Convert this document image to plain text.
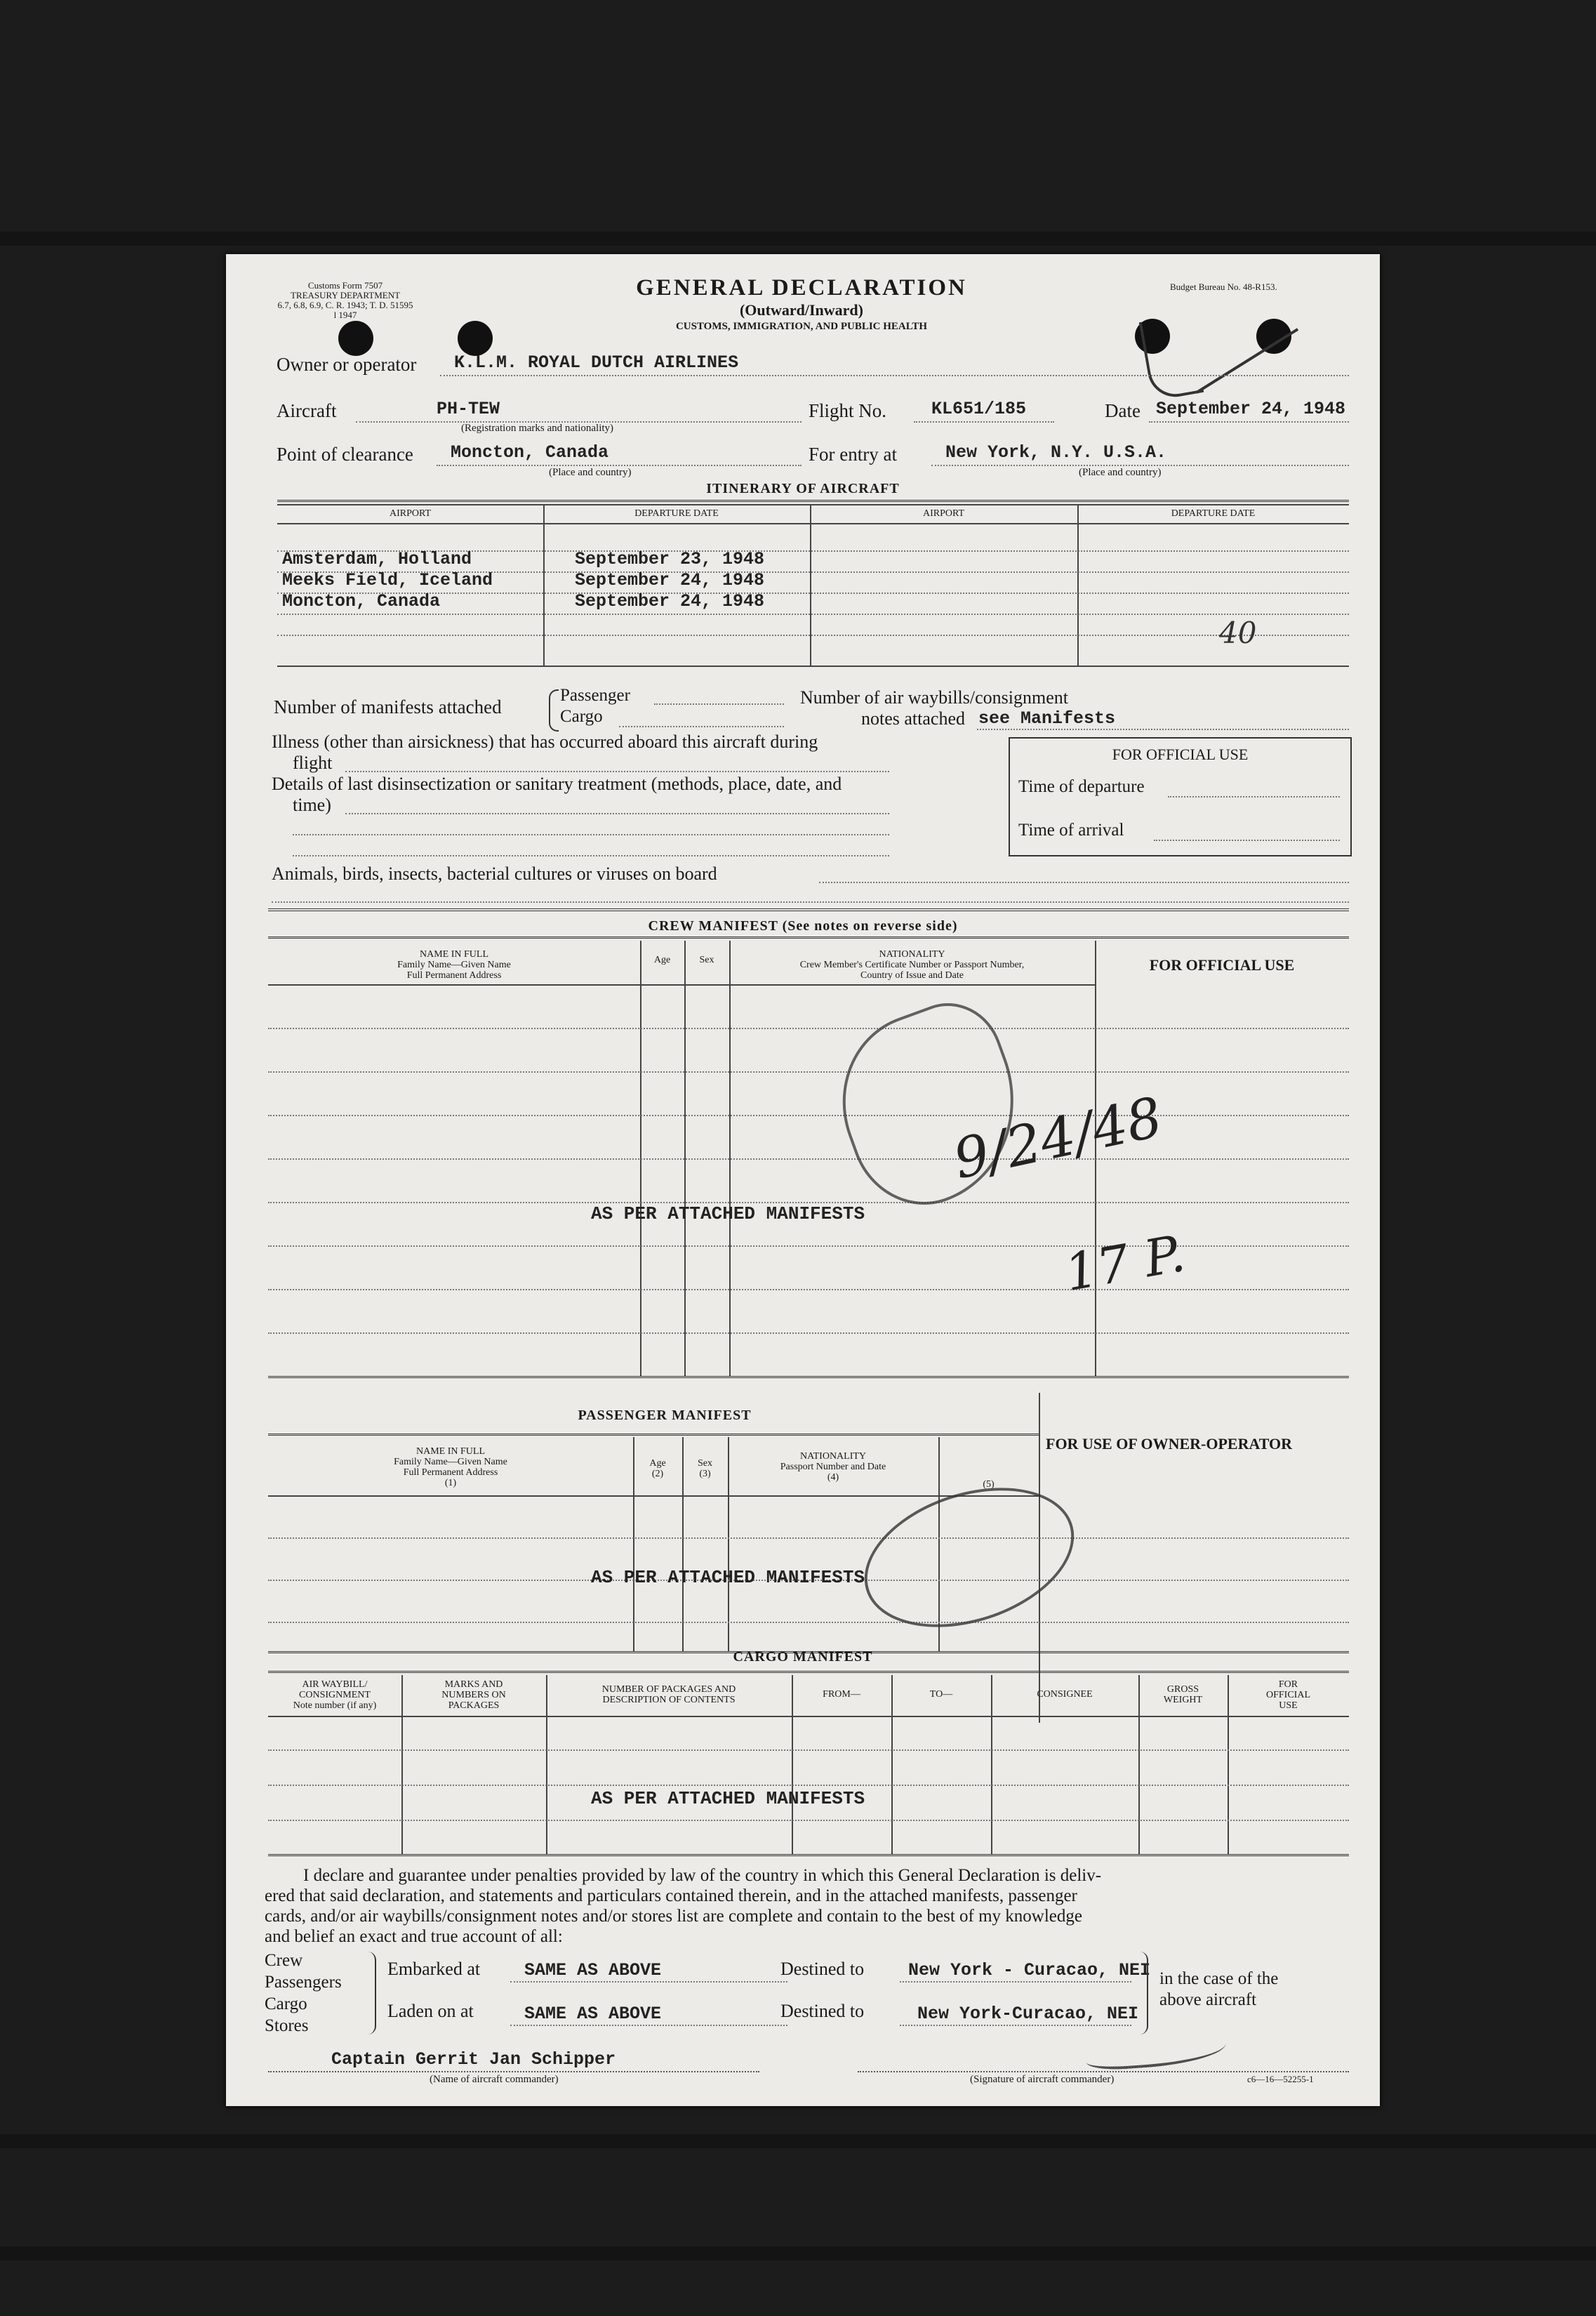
Customs Form 7507
TREASURY DEPARTMENT
6.7, 6.8, 6.9, C. R. 1943; T. D. 51595
l 1947
GENERAL DECLARATION
(Outward/Inward)
CUSTOMS, IMMIGRATION, AND PUBLIC HEALTH
Budget Bureau No. 48-R153.
Owner or operator K.L.M. ROYAL DUTCH AIRLINES
Aircraft	PH-TEW
(Registration marks and nationality)
Flight No.	KL651/185	Date September 24, 1948
Point of clearance Moncton, Canada
(Place and country)
For entry at	New York, N.Y. U.S.A.
(Place and country)
ITINERARY OF AIRCRAFT
AIRPORT	DEPARTURE DATE	AIRPORT	DEPARTURE DATE
Amsterdam, Holland	September 23, 1948
Meeks Field, Iceland	September 24, 1948
Moncton, Canada	September 24, 1948
40
Number of manifests attached
Passenger
Cargo
Number of air waybills/consignment
notes attached see Manifests
Illness (other than airsickness) that has occurred aboard this aircraft during
flight
Details of last disinsectization or sanitary treatment (methods, place, date, and
time)
FOR OFFICIAL USE
Time of departure
Time of arrival
Animals, birds, insects, bacterial cultures or viruses on board
CREW MANIFEST (See notes on reverse side)
NAME IN FULL
Family Name—Given Name
Full Permanent Address
Age	Sex
NATIONALITY
Crew Member's Certificate Number or Passport Number,
Country of Issue and Date
FOR OFFICIAL USE
AS PER ATTACHED MANIFESTS
9/24/48
17 P.
PASSENGER MANIFEST
FOR USE OF OWNER-OPERATOR
NAME IN FULL
Family Name—Given Name
Full Permanent Address
(1)
Age
(2)
Sex
(3)
NATIONALITY
Passport Number and Date
(4)
(5)
AS PER ATTACHED MANIFESTS
CARGO MANIFEST
AIR WAYBILL/
CONSIGNMENT
Note number (if any)
MARKS AND
NUMBERS ON
PACKAGES
NUMBER OF PACKAGES AND
DESCRIPTION OF CONTENTS
FROM—	TO—	CONSIGNEE	GROSS
WEIGHT
FOR
OFFICIAL
USE
AS PER ATTACHED MANIFESTS
I declare and guarantee under penalties provided by law of the country in which this General Declaration is deliv-
ered that said declaration, and statements and particulars contained therein, and in the attached manifests, passenger
cards, and/or air waybills/consignment notes and/or stores list are complete and contain to the best of my knowledge
and belief an exact and true account of all:
Crew
Passengers
Cargo
Stores
Embarked at	SAME AS ABOVE
Laden on at	SAME AS ABOVE
Destined to	New York - Curacao, NEI
Destined to	New York-Curacao, NEI
in the case of the
above aircraft
Captain Gerrit Jan Schipper
(Name of aircraft commander)	(Signature of aircraft commander)	c6—16—52255-1
